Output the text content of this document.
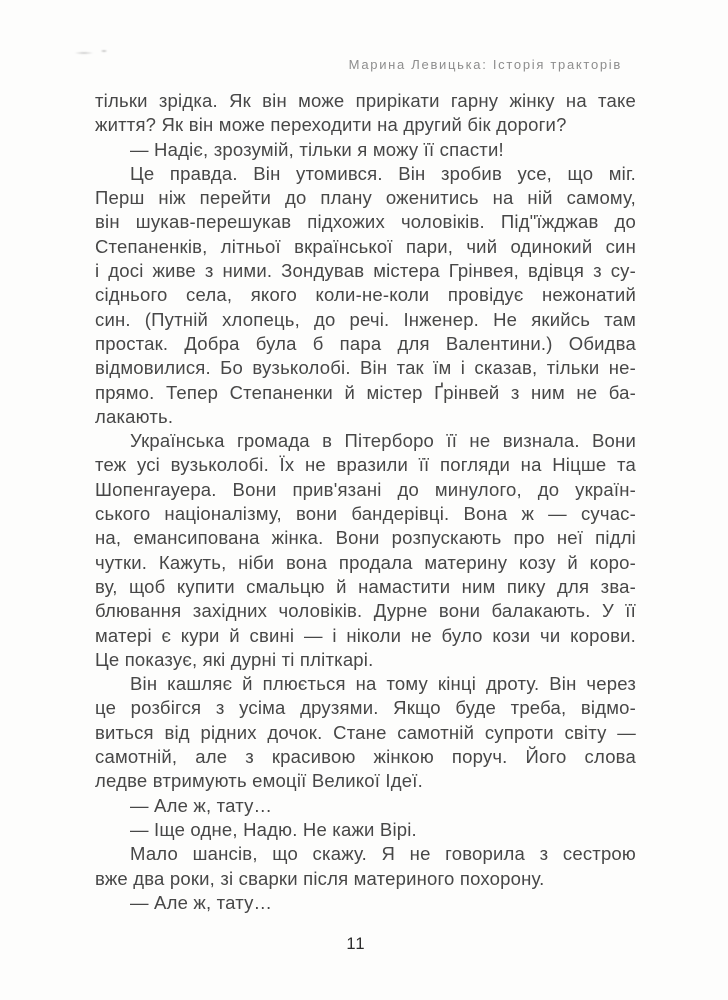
Марина Левицька: Історія тракторів
тільки зрідка. Як він може прирікати гарну жінку на таке
життя? Як він може переходити на другий бік дороги?
— Надіє, зрозумій, тільки я можу її спасти!
Це правда. Він утомився. Він зробив усе, що міг.
Перш ніж перейти до плану оженитись на ній самому,
він шукав-перешукав підхожих чоловіків. Під"їжджав до
Степаненків, літньої вкраїнської пари, чий одинокий син
і досі живе з ними. Зондував містера Грінвея, вдівця з су-
сіднього села, якого коли-не-коли провідує нежонатий
син. (Путній хлопець, до речі. Інженер. Не якийсь там
простак. Добра була б пара для Валентини.) Обидва
відмовилися. Бо вузьколобі. Він так їм і сказав, тільки не-
прямо. Тепер Степаненки й містер Ґрінвей з ним не ба-
лакають.
Українська громада в Пітерборо її не визнала. Вони
теж усі вузьколобі. Їх не вразили її погляди на Ніцше та
Шопенгауера. Вони прив'язані до минулого, до україн-
ського націоналізму, вони бандерівці. Вона ж — сучас-
на, емансипована жінка. Вони розпускають про неї підлі
чутки. Кажуть, ніби вона продала материну козу й коро-
ву, щоб купити смальцю й намастити ним пику для зва-
блювання західних чоловіків. Дурне вони балакають. У її
матері є кури й свині — і ніколи не було кози чи корови.
Це показує, які дурні ті пліткарі.
Він кашляє й плюється на тому кінці дроту. Він через
це розбігся з усіма друзями. Якщо буде треба, відмо-
виться від рідних дочок. Стане самотній супроти світу —
самотній, але з красивою жінкою поруч. Його слова
ледве втримують емоції Великої Ідеї.
— Але ж, тату…
— Іще одне, Надю. Не кажи Вірі.
Мало шансів, що скажу. Я не говорила з сестрою
вже два роки, зі сварки після материного похорону.
— Але ж, тату…
11
